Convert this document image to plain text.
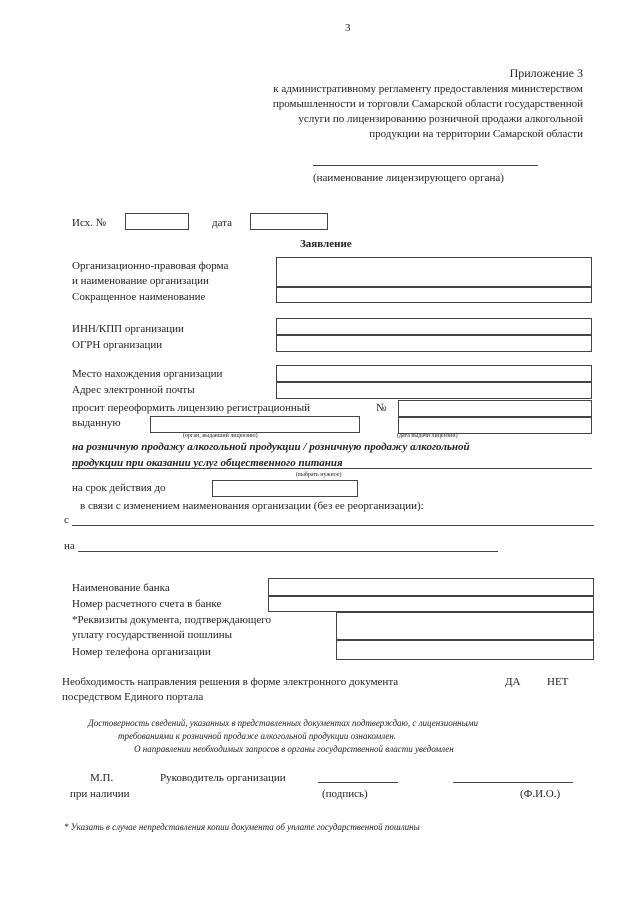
3
Приложение 3
к административному регламенту предоставления министерством
промышленности и торговли Самарской области государственной
услуги по лицензированию розничной продажи алкогольной
продукции на территории Самарской области
(наименование лицензирующего органа)
Исх. №	дата
Заявление
Организационно-правовая форма
и наименование организации
Сокращенное наименование
ИНН/КПП организации
ОГРН организации
Место нахождения организации
Адрес электронной почты
просит переоформить лицензию регистрационный	№
выданную
(орган, выдавший лицензию)	(дата выдачи лицензии)
на розничную продажу алкогольной продукции / розничную продажу алкогольной
продукции при оказании услуг общественного питания
(выбрать нужное)
на срок действия до
в связи с изменением наименования организации (без ее реорганизации):
с
на
Наименование банка
Номер расчетного счета в банке
*Реквизиты документа, подтверждающего
уплату государственной пошлины
Номер телефона организации
Необходимость направления решения в форме электронного документа
посредством Единого портала
ДА НЕТ
Достоверность сведений, указанных в представленных документах подтверждаю, с лицензионными
требованиями к розничной продаже алкогольной продукции ознакомлен.
О направлении необходимых запросов в органы государственной власти уведомлен
М.П.
при наличии
Руководитель организации
(подпись)	(Ф.И.О.)
* Указать в случае непредставления копии документа об уплате государственной пошлины
